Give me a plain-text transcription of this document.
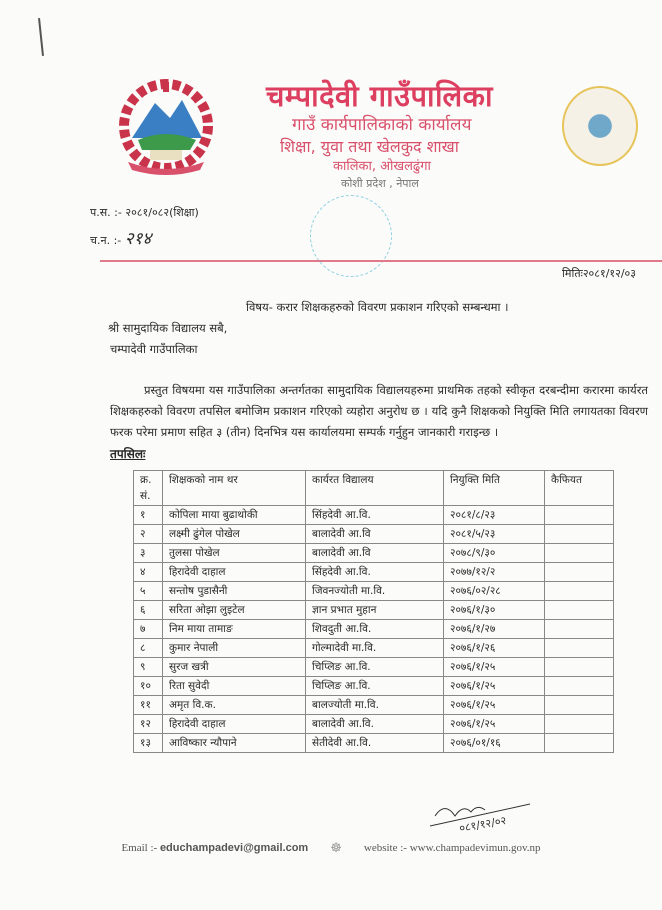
चम्पादेवी गाउँपालिका
गाउँ कार्यपालिकाको कार्यालय
शिक्षा, युवा तथा खेलकुद शाखा
कालिका, ओखलढुंगा
कोशी प्रदेश , नेपाल
प.स. :- २०८१/०८२(शिक्षा)
च.न. :- २१४
मितिः२०८१/१२/०३
विषय- करार शिक्षकहरुको विवरण प्रकाशन गरिएको सम्बन्धमा ।
श्री सामुदायिक विद्यालय सबै,
चम्पादेवी गाउँपालिका
प्रस्तुत विषयमा यस गाउँपालिका अन्तर्गतका सामुदायिक विद्यालयहरुमा प्राथमिक तहको स्वीकृत दरबन्दीमा करारमा कार्यरत शिक्षकहरुको विवरण तपसिल बमोजिम प्रकाशन गरिएको व्यहोरा अनुरोध छ । यदि कुनै शिक्षकको नियुक्ति मिति लगायतका विवरण फरक परेमा प्रमाण सहित ३ (तीन) दिनभित्र यस कार्यालयमा सम्पर्क गर्नुहुन जानकारी गराइन्छ ।
तपसिलः
क्र. सं.	शिक्षकको नाम थर	कार्यरत विद्यालय	नियुक्ति मिति	कैफियत
१	कोपिला माया बुढाथोकी	सिंहदेवी आ.वि.	२०८१/८/२३	
२	लक्ष्मी ढुंगेल पोखेल	बालादेवी आ.वि	२०८१/५/२३	
३	तुलसा पोखेल	बालादेवी आ.वि	२०७८/९/३०	
४	हिरादेवी दाहाल	सिंहदेवी आ.वि.	२०७७/१२/२	
५	सन्तोष पुडासैनी	जिवनज्योती मा.वि.	२०७६/०२/२८	
६	सरिता ओझा लुइटेल	ज्ञान प्रभात मुहान	२०७६/१/३०	
७	निम माया तामाङ	शिवदुती आ.वि.	२०७६/१/२७	
८	कुमार नेपाली	गोल्मादेवी मा.वि.	२०७६/१/२६	
९	सुरज खत्री	चिप्लिङ आ.वि.	२०७६/१/२५	
१०	रिता सुवेदी	चिप्लिङ आ.वि.	२०७६/१/२५	
११	अमृत वि.क.	बालज्योती मा.वि.	२०७६/१/२५	
१२	हिरादेवी दाहाल	बालादेवी आ.वि.	२०७६/१/२५	
१३	आविष्कार न्यौपाने	सेतीदेवी आ.वि.	२०७६/०१/१६	
०८१/१२/०२
Email :- educhampadevi@gmail.com ☸ website :- www.champadevimun.gov.np
